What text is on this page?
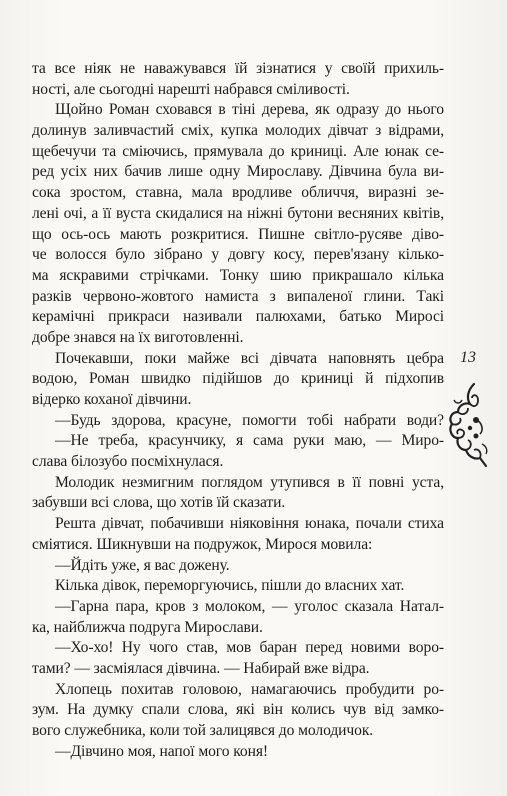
та все ніяк не наважувався їй зізнатися у своїй прихиль-
ності, але сьогодні нарешті набрався сміливості.
Щойно Роман сховався в тіні дерева, як одразу до нього
долинув заливчастий сміх, купка молодих дівчат з відрами,
щебечучи та сміючись, прямувала до криниці. Але юнак се-
ред усіх них бачив лише одну Мирославу. Дівчина була ви-
сока зростом, ставна, мала вродливе обличчя, виразні зе-
лені очі, а її вуста скидалися на ніжні бутони весняних квітів,
що ось-ось мають розкритися. Пишне світло-русяве діво-
че волосся було зібрано у довгу косу, перев'язану кілько-
ма яскравими стрічками. Тонку шию прикрашало кілька
разків червоно-жовтого намиста з випаленої глини. Такі
керамічні прикраси називали палюхами, батько Миросі
добре знався на їх виготовленні.
Почекавши, поки майже всі дівчата наповнять цебра
водою, Роман швидко підійшов до криниці й підхопив
відерко коханої дівчини.
—Будь здорова, красуне, помогти тобі набрати води?
—Не треба, красунчику, я сама руки маю, — Миро-
слава білозубо посміхнулася.
Молодик незмигним поглядом утупився в її повні уста,
забувши всі слова, що хотів їй сказати.
Решта дівчат, побачивши ніяковіння юнака, почали стиха
сміятися. Шикнувши на подружок, Мирося мовила:
—Йдіть уже, я вас дожену.
Кілька дівок, переморгуючись, пішли до власних хат.
—Гарна пара, кров з молоком, — уголос сказала Натал-
ка, найближча подруга Мирослави.
—Хо-хо! Ну чого став, мов баран перед новими воро-
тами? — засміялася дівчина. — Набирай вже відра.
Хлопець похитав головою, намагаючись пробудити ро-
зум. На думку спали слова, які він колись чув від замко-
вого служебника, коли той залицявся до молодичок.
—Дівчино моя, напої мого коня!
13
